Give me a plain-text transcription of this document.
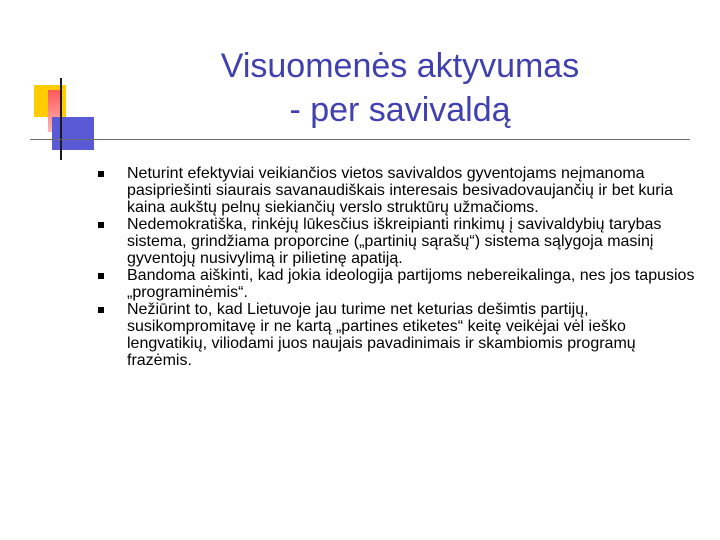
Visuomenės aktyvumas
- per savivaldą
Neturint efektyviai veikiančios vietos savivaldos gyventojams neįmanoma pasipriešinti siaurais savanaudiškais interesais besivadovaujančių ir bet kuria kaina aukštų pelnų siekiančių verslo struktūrų užmačioms.
Nedemokratiška, rinkėjų lūkesčius iškreipianti rinkimų į savivaldybių tarybas sistema, grindžiama proporcine („partinių sąrašų“) sistema sąlygoja masinį gyventojų nusivylimą ir pilietinę apatiją.
Bandoma aiškinti, kad jokia ideologija partijoms nebereikalinga, nes jos tapusios „programinėmis“.
Nežiūrint to, kad Lietuvoje jau turime net keturias dešimtis partijų, susikompromitavę ir ne kartą „partines etiketes“ keitę veikėjai vėl ieško lengvatikių, viliodami juos naujais pavadinimais ir skambiomis programų frazėmis.
